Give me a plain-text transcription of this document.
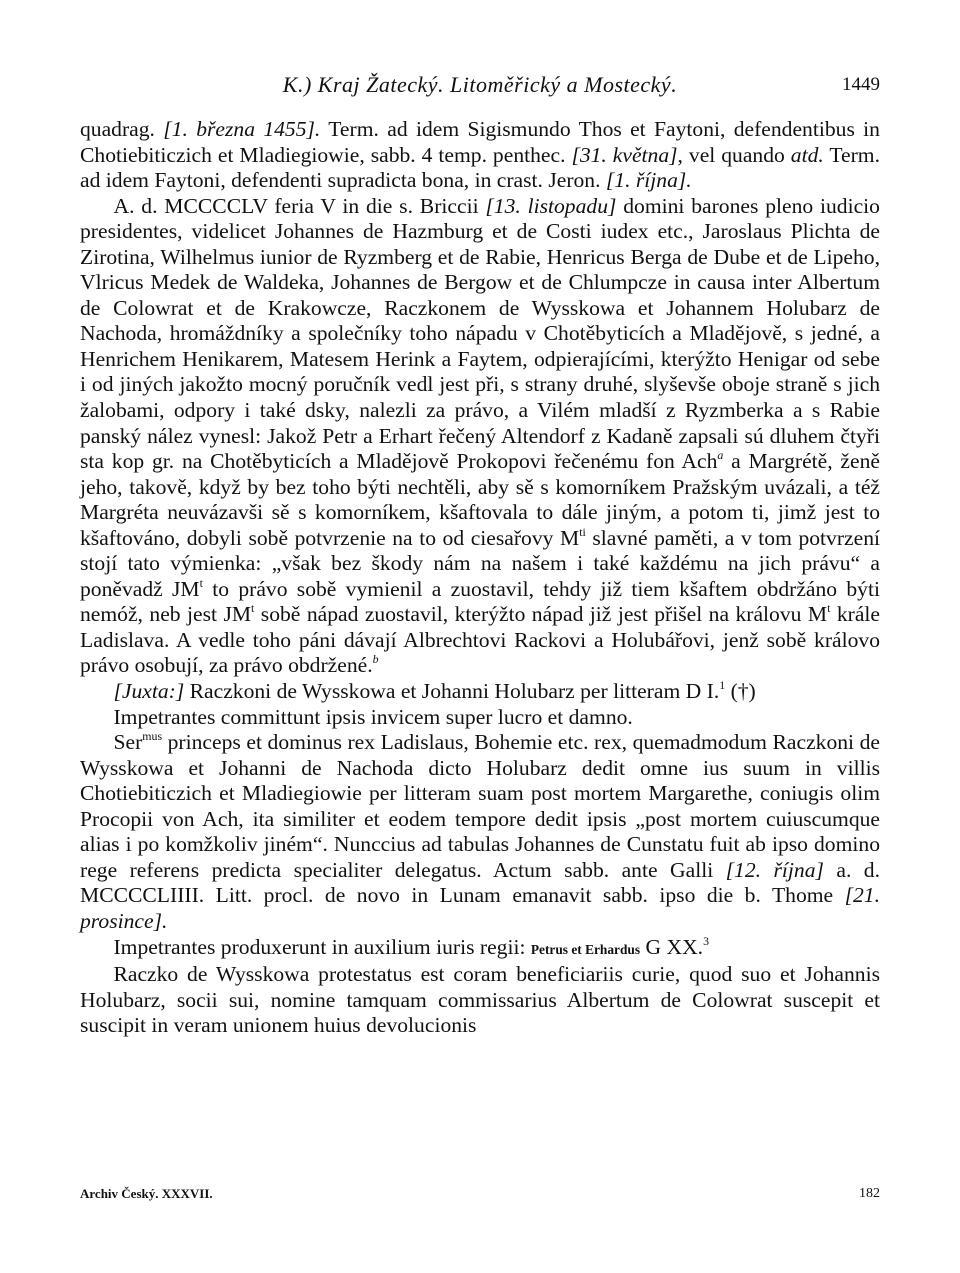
K.) Kraj Žatecký. Litoměřický a Mostecký.	1449

quadrag. [1. března 1455]. Term. ad idem Sigismundo Thos et Faytoni, defendentibus in Chotiebiticzich et Mladiegiowie, sabb. 4 temp. penthec. [31. května], vel quando atd. Term. ad idem Faytoni, defendenti supradicta bona, in crast. Jeron. [1. října].

A. d. MCCCCLV feria V in die s. Briccii [13. listopadu] domini barones pleno iudicio presidentes, videlicet Johannes de Hazmburg et de Costi iudex etc., Jaroslaus Plichta de Zirotina, Wilhelmus iunior de Ryzmberg et de Rabie, Henricus Berga de Dube et de Lipeho, Vlricus Medek de Waldeka, Johannes de Bergow et de Chlumpcze in causa inter Albertum de Colowrat et de Krakowcze, Raczkonem de Wysskowa et Johannem Holubarz de Nachoda, hromáždníky a společníky toho nápadu v Chotěbyticích a Mladějově, s jedné, a Henrichem Henikarem, Matesem Herink a Faytem, odpierajícími, kterýžto Henigar od sebe i od jiných jakožto mocný poručník vedl jest při, s strany druhé, slyševše oboje straně s jich žalobami, odpory i také dsky, nalezli za právo, a Vilém mladší z Ryzmberka a s Rabie panský nález vynesl: Jakož Petr a Erhart řečený Altendorf z Kadaně zapsali sú dluhem čtyři sta kop gr. na Chotěbyticích a Mladějově Prokopovi řečenému fon Ach$^a$ a Margrétě, ženě jeho, takově, když by bez toho býti nechtěli, aby sě s komorníkem Pražským uvázali, a též Margréta neuvázavši sě s komorníkem, kšaftovala to dále jiným, a potom ti, jimž jest to kšaftováno, dobyli sobě potvrzenie na to od ciesařovy $M^{ti}$ slavné paměti, a v tom potvrzení stojí tato výmienka: „však bez škody nám na našem i také každému na jich právu“ a poněvadž $JM^t$ to právo sobě vymienil a zuostavil, tehdy již tiem kšaftem obdržáno býti nemóž, neb jest $JM^t$ sobě nápad zuostavil, kterýžto nápad již jest přišel na královu $M^t$ krále Ladislava. A vedle toho páni dávají Albrechtovi Rackovi a Holubářovi, jenž sobě královo právo osobují, za právo obdržené.$^b$

[Juxta:] Raczkoni de Wysskowa et Johanni Holubarz per litteram D I.$^1$ (†)

Impetrantes committunt ipsis invicem super lucro et damno.

Ser$^{mus}$ princeps et dominus rex Ladislaus, Bohemie etc. rex, quemadmodum Raczkoni de Wysskowa et Johanni de Nachoda dicto Holubarz dedit omne ius suum in villis Chotiebiticzich et Mladiegiowie per litteram suam post mortem Margarethe, coniugis olim Procopii von Ach, ita similiter et eodem tempore dedit ipsis „post mortem cuiuscumque alias i po komžkoliv jiném“. Nunccius ad tabulas Johannes de Cunstatu fuit ab ipso domino rege referens predicta specialiter delegatus. Actum sabb. ante Galli [12. října] a. d. MCCCCLIIII. Litt. procl. de novo in Lunam emanavit sabb. ipso die b. Thome [21. prosince].

Impetrantes produxerunt in auxilium iuris regii: Petrus et Erhardus G XX.$^3$

Raczko de Wysskowa protestatus est coram beneficiariis curie, quod suo et Johannis Holubarz, socii sui, nomine tamquam commissarius Albertum de Colowrat suscepit et suscipit in veram unionem huius devolucionis

Archiv Český. XXXVII.	182
